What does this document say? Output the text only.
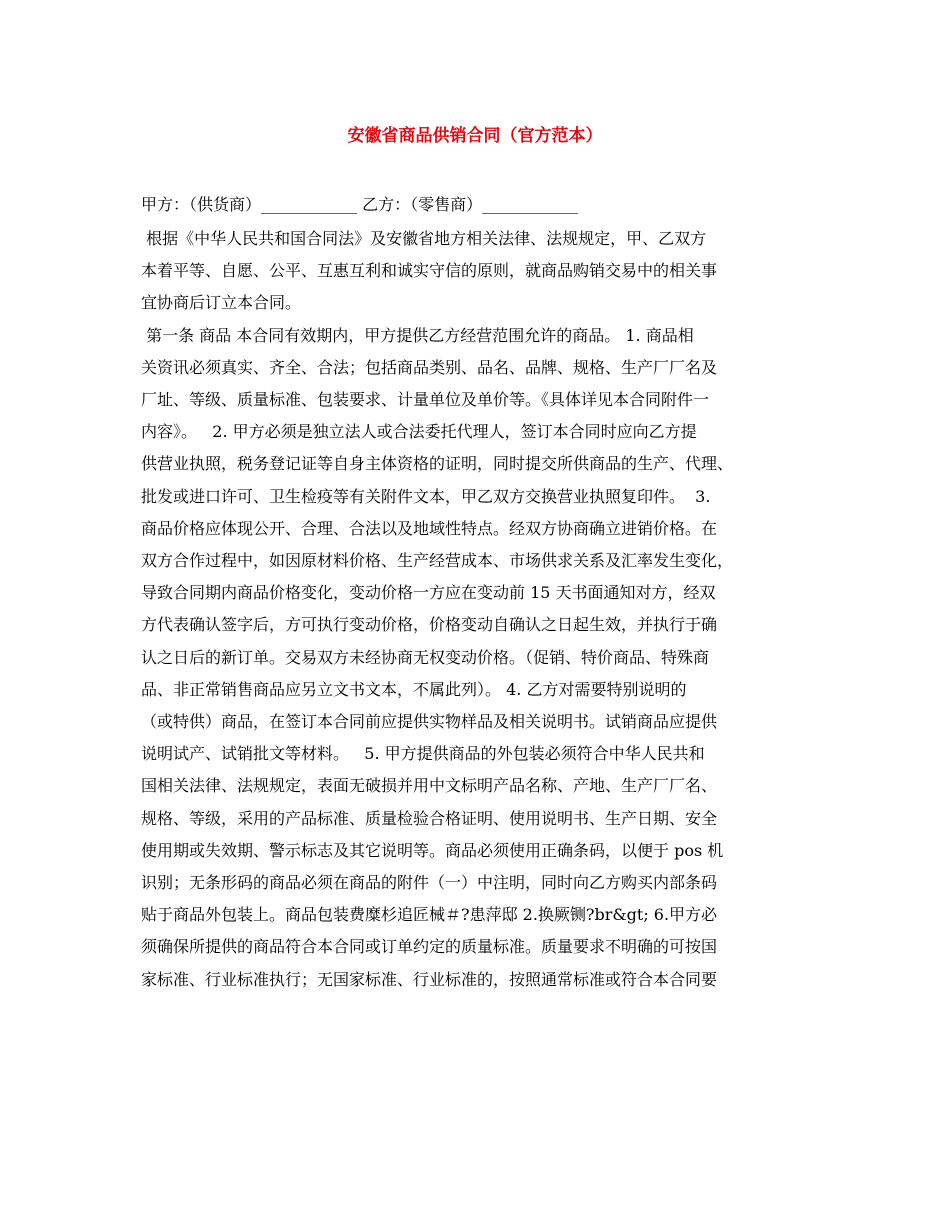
安徽省商品供销合同（官方范本）
甲方：（供货商）____________ 乙方：（零售商）____________
根据《中华人民共和国合同法》及安徽省地方相关法律、法规规定，甲、乙双方
本着平等、自愿、公平、互惠互利和诚实守信的原则，就商品购销交易中的相关事
宜协商后订立本合同。
第一条 商品 本合同有效期内，甲方提供乙方经营范围允许的商品。 1. 商品相
关资讯必须真实、齐全、合法；包括商品类别、品名、品牌、规格、生产厂厂名及
厂址、等级、质量标准、包装要求、计量单位及单价等。《具体详见本合同附件一
内容》。   2. 甲方必须是独立法人或合法委托代理人，签订本合同时应向乙方提
供营业执照，税务登记证等自身主体资格的证明，同时提交所供商品的生产、代理、
批发或进口许可、卫生检疫等有关附件文本，甲乙双方交换营业执照复印件。  3.
商品价格应体现公开、合理、合法以及地域性特点。经双方协商确立进销价格。在
双方合作过程中，如因原材料价格、生产经营成本、市场供求关系及汇率发生变化，
导致合同期内商品价格变化，变动价格一方应在变动前 15 天书面通知对方，经双
方代表确认签字后，方可执行变动价格，价格变动自确认之日起生效，并执行于确
认之日后的新订单。交易双方未经协商无权变动价格。（促销、特价商品、特殊商
品、非正常销售商品应另立文书文本，不属此列）。 4. 乙方对需要特别说明的
（或特供）商品，在签订本合同前应提供实物样品及相关说明书。试销商品应提供
说明试产、试销批文等材料。   5. 甲方提供商品的外包装必须符合中华人民共和
国相关法律、法规规定，表面无破损并用中文标明产品名称、产地、生产厂厂名、
规格、等级，采用的产品标准、质量检验合格证明、使用说明书、生产日期、安全
使用期或失效期、警示标志及其它说明等。商品必须使用正确条码，以便于 pos 机
识别；无条形码的商品必须在商品的附件（一）中注明，同时向乙方购买内部条码
贴于商品外包装上。商品包装费糜杉追匠械＃?患萍邸 2.换厥铡?br&gt; 6.甲方必
须确保所提供的商品符合本合同或订单约定的质量标准。质量要求不明确的可按国
家标准、行业标准执行；无国家标准、行业标准的，按照通常标准或符合本合同要
